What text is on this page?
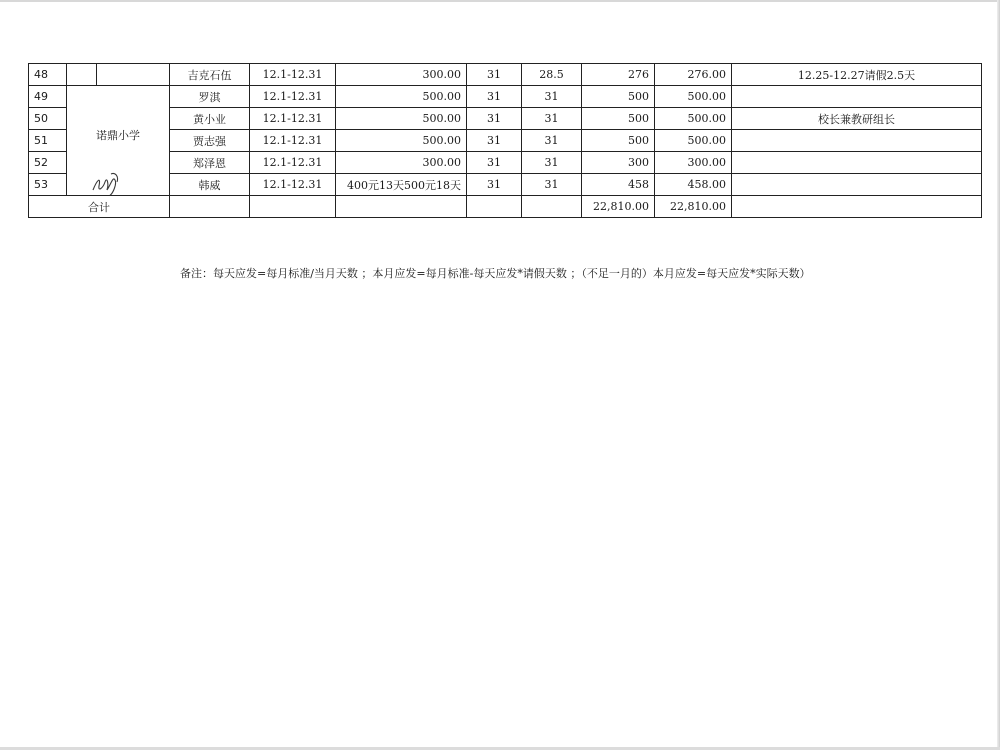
48			吉克石伍	12.1-12.31	300.00	31	28.5	276	276.00	12.25-12.27请假2.5天
49	诺鼎小学		罗淇	12.1-12.31	500.00	31	31	500	500.00	
50			黄小业	12.1-12.31	500.00	31	31	500	500.00	校长兼教研组长
51			贾志强	12.1-12.31	500.00	31	31	500	500.00	
52			郑泽恩	12.1-12.31	300.00	31	31	300	300.00	
53			韩威	12.1-12.31	400元13天500元18天	31	31	458	458.00	
合计								22,810.00	22,810.00	
备注：每天应发=每月标准/当月天数 ；本月应发=每月标准-每天应发*请假天数 ；（不足一月的）本月应发=每天应发*实际天数）
